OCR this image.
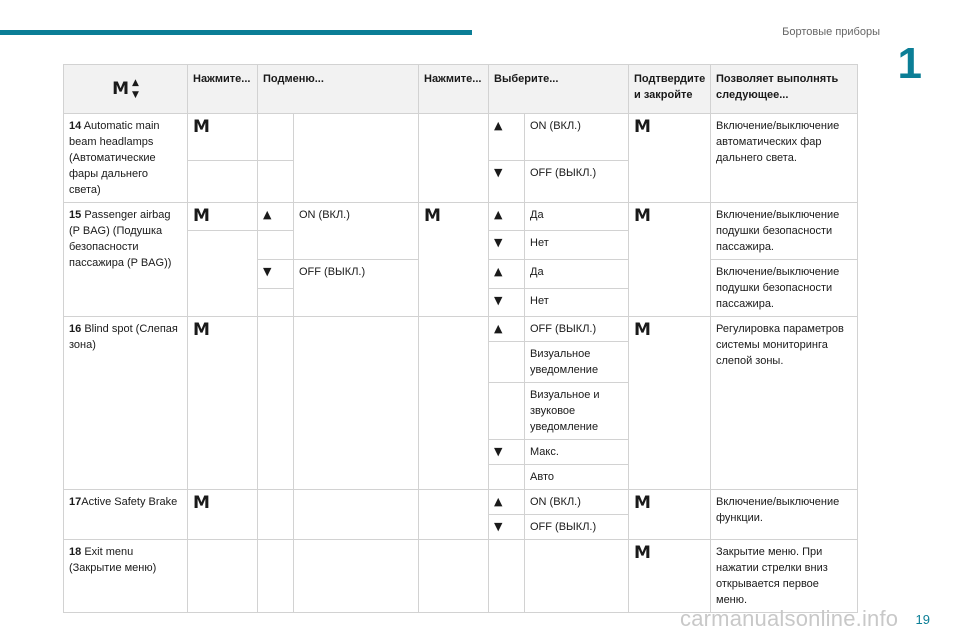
Бортовые приборы
1
M ▲
▼	Нажмите...	Подменю...		Нажмите...	Выберите...		Подтвердите и закройте	Позволяет выполнять следующее...
14 Automatic main beam headlamps (Автоматические фары дальнего света)	M				▲	ON (ВКЛ.)	M	Включение/выключение автоматических фар дальнего света.
					▼	OFF (ВЫКЛ.)		
15 Passenger airbag (P BAG) (Подушка безопасности пассажира (P BAG))	M	▲	ON (ВКЛ.)	M	▲	Да	M	Включение/выключение подушки безопасности пассажира.
					▼	Нет		
		▼	OFF (ВЫКЛ.)		▲	Да		Включение/выключение подушки безопасности пассажира.
					▼	Нет		
16 Blind spot (Слепая зона)	M				▲	OFF (ВЫКЛ.)	M	Регулировка параметров системы мониторинга слепой зоны.
						Визуальное уведомление		
						Визуальное и звуковое уведомление		
					▼	Макс.		
						Авто		
17Active Safety Brake	M				▲	ON (ВКЛ.)	M	Включение/выключение функции.
					▼	OFF (ВЫКЛ.)		
18 Exit menu (Закрытие меню)							M	Закрытие меню. При нажатии стрелки вниз открывается первое меню.
carmanualsonline.info 19
